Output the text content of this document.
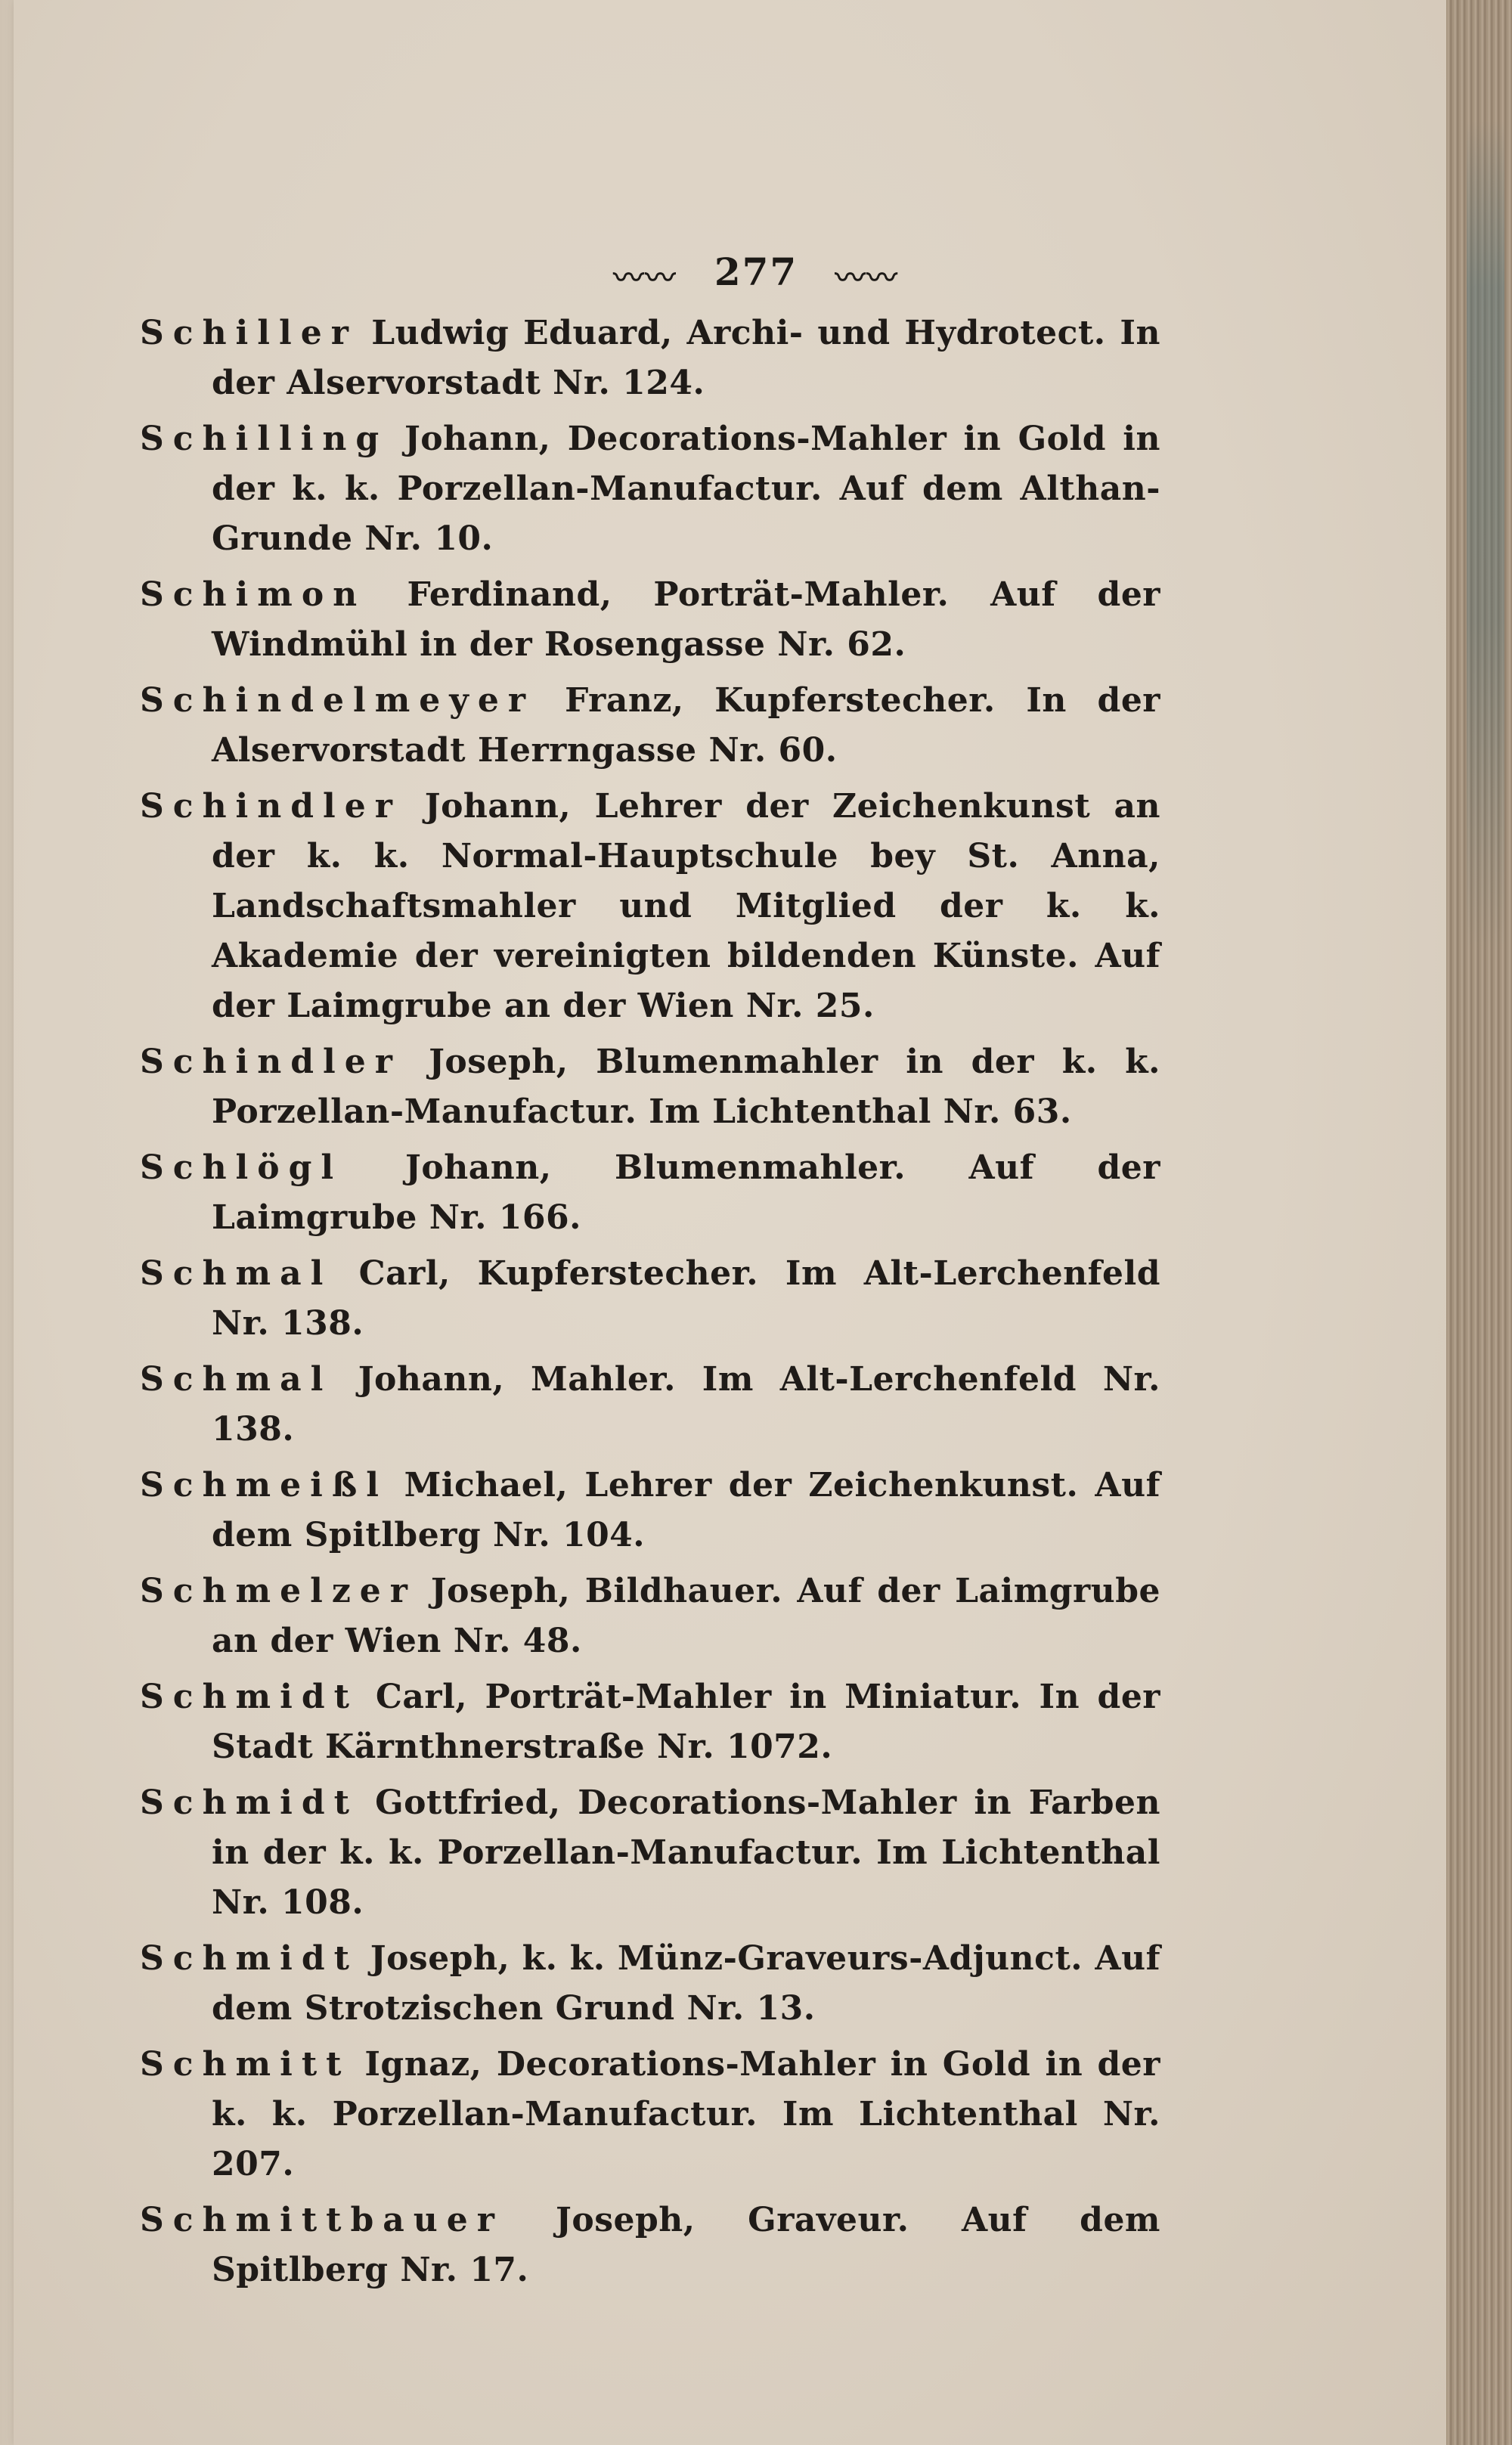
〰〰 277 〰〰
Schiller Ludwig Eduard, Archi- und Hydrotect. In der Alservorstadt Nr. 124.
Schilling Johann, Decorations-Mahler in Gold in der k. k. Porzellan-Manufactur. Auf dem Althan-Grunde Nr. 10.
Schimon Ferdinand, Porträt-Mahler. Auf der Windmühl in der Rosengasse Nr. 62.
Schindelmeyer Franz, Kupferstecher. In der Alservorstadt Herrngasse Nr. 60.
Schindler Johann, Lehrer der Zeichenkunst an der k. k. Normal-Hauptschule bey St. Anna, Landschaftsmahler und Mitglied der k. k. Akademie der vereinigten bildenden Künste. Auf der Laimgrube an der Wien Nr. 25.
Schindler Joseph, Blumenmahler in der k. k. Porzellan-Manufactur. Im Lichtenthal Nr. 63.
Schlögl Johann, Blumenmahler. Auf der Laimgrube Nr. 166.
Schmal Carl, Kupferstecher. Im Alt-Lerchenfeld Nr. 138.
Schmal Johann, Mahler. Im Alt-Lerchenfeld Nr. 138.
Schmeißl Michael, Lehrer der Zeichenkunst. Auf dem Spitlberg Nr. 104.
Schmelzer Joseph, Bildhauer. Auf der Laimgrube an der Wien Nr. 48.
Schmidt Carl, Porträt-Mahler in Miniatur. In der Stadt Kärnthnerstraße Nr. 1072.
Schmidt Gottfried, Decorations-Mahler in Farben in der k. k. Porzellan-Manufactur. Im Lichtenthal Nr. 108.
Schmidt Joseph, k. k. Münz-Graveurs-Adjunct. Auf dem Strotzischen Grund Nr. 13.
Schmitt Ignaz, Decorations-Mahler in Gold in der k. k. Porzellan-Manufactur. Im Lichtenthal Nr. 207.
Schmittbauer Joseph, Graveur. Auf dem Spitlberg Nr. 17.
